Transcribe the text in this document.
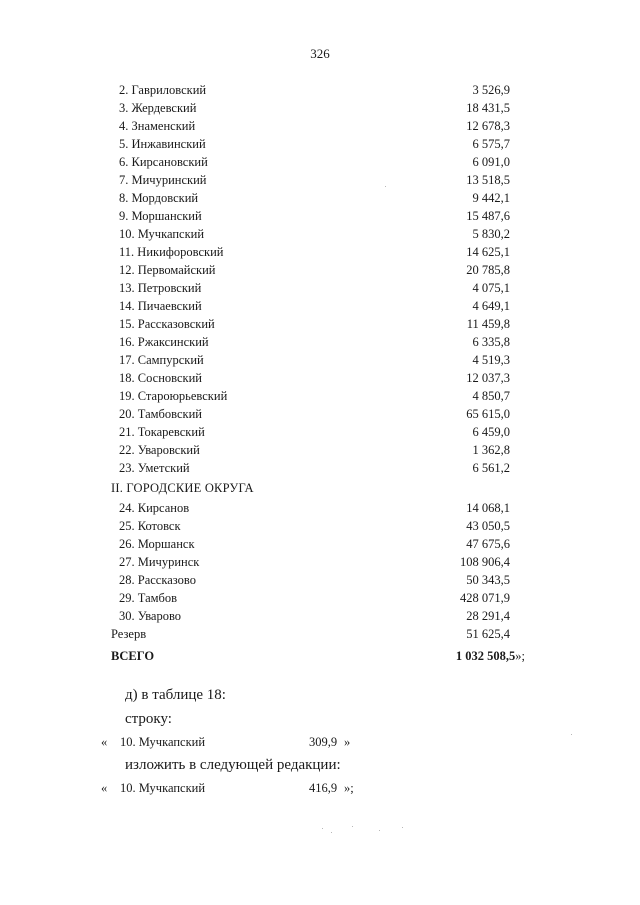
326
2. Гавриловский	3 526,9
3. Жердевский	18 431,5
4. Знаменский	12 678,3
5. Инжавинский	6 575,7
6. Кирсановский	6 091,0
7. Мичуринский	13 518,5
8. Мордовский	9 442,1
9. Моршанский	15 487,6
10. Мучкапский	5 830,2
11. Никифоровский	14 625,1
12. Первомайский	20 785,8
13. Петровский	4 075,1
14. Пичаевский	4 649,1
15. Рассказовский	11 459,8
16. Ржаксинский	6 335,8
17. Сампурский	4 519,3
18. Сосновский	12 037,3
19. Староюрьевский	4 850,7
20. Тамбовский	65 615,0
21. Токаревский	6 459,0
22. Уваровский	1 362,8
23. Уметский	6 561,2
II. ГОРОДСКИЕ ОКРУГА
24. Кирсанов	14 068,1
25. Котовск	43 050,5
26. Моршанск	47 675,6
27. Мичуринск	108 906,4
28. Рассказово	50 343,5
29. Тамбов	428 071,9
30. Уварово	28 291,4
Резерв	51 625,4
ВСЕГО	1 032 508,5»;
д) в таблице 18:
строку:
« 10. Мучкапский	309,9 »
изложить в следующей редакции:
« 10. Мучкапский	416,9 »;
